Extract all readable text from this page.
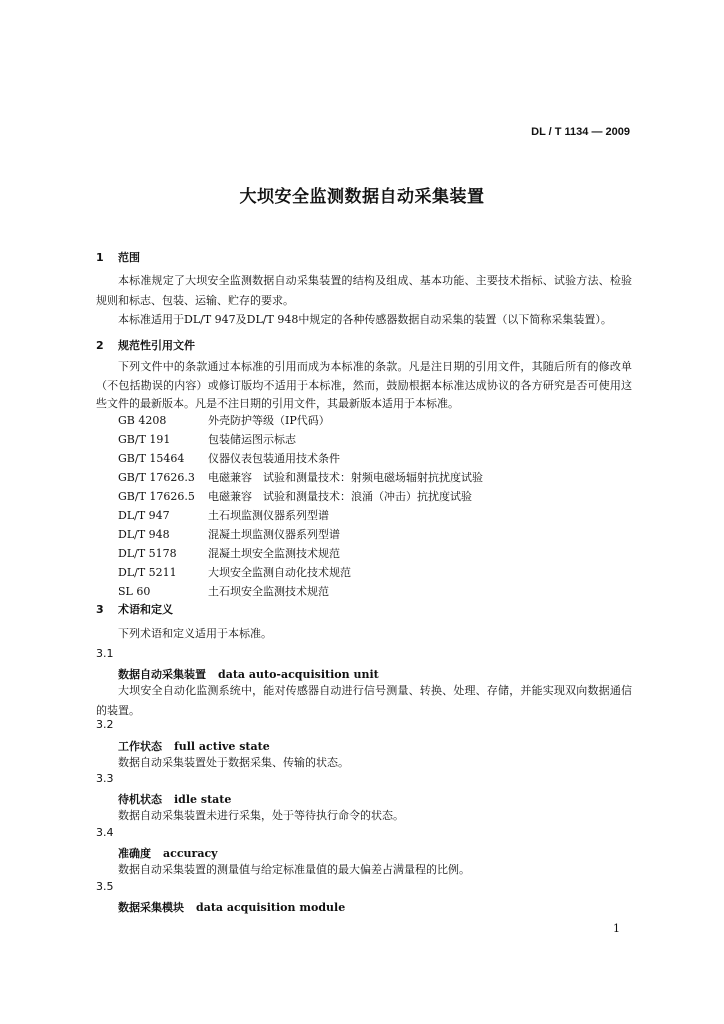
DL / T 1134 — 2009
大坝安全监测数据自动采集装置
1 范围
本标准规定了大坝安全监测数据自动采集装置的结构及组成、基本功能、主要技术指标、试验方法、检验规则和标志、包装、运输、贮存的要求。
本标准适用于DL/T 947及DL/T 948中规定的各种传感器数据自动采集的装置（以下简称采集装置）。
2 规范性引用文件
下列文件中的条款通过本标准的引用而成为本标准的条款。凡是注日期的引用文件，其随后所有的修改单（不包括勘误的内容）或修订版均不适用于本标准，然而，鼓励根据本标准达成协议的各方研究是否可使用这些文件的最新版本。凡是不注日期的引用文件，其最新版本适用于本标准。
GB 4208	外壳防护等级（IP代码）
GB/T 191	包装储运图示标志
GB/T 15464 仪器仪表包装通用技术条件
GB/T 17626.3 电磁兼容　试验和测量技术：射频电磁场辐射抗扰度试验
GB/T 17626.5 电磁兼容　试验和测量技术：浪涌（冲击）抗扰度试验
DL/T 947	土石坝监测仪器系列型谱
DL/T 948	混凝土坝监测仪器系列型谱
DL/T 5178	混凝土坝安全监测技术规范
DL/T 5211	大坝安全监测自动化技术规范
SL 60	土石坝安全监测技术规范
3 术语和定义
下列术语和定义适用于本标准。
3.1
数据自动采集装置 data auto-acquisition unit
大坝安全自动化监测系统中，能对传感器自动进行信号测量、转换、处理、存储，并能实现双向数据通信的装置。
3.2
工作状态 full active state
数据自动采集装置处于数据采集、传输的状态。
3.3
待机状态 idle state
数据自动采集装置未进行采集，处于等待执行命令的状态。
3.4
准确度 accuracy
数据自动采集装置的测量值与给定标准量值的最大偏差占满量程的比例。
3.5
数据采集模块 data acquisition module
1
